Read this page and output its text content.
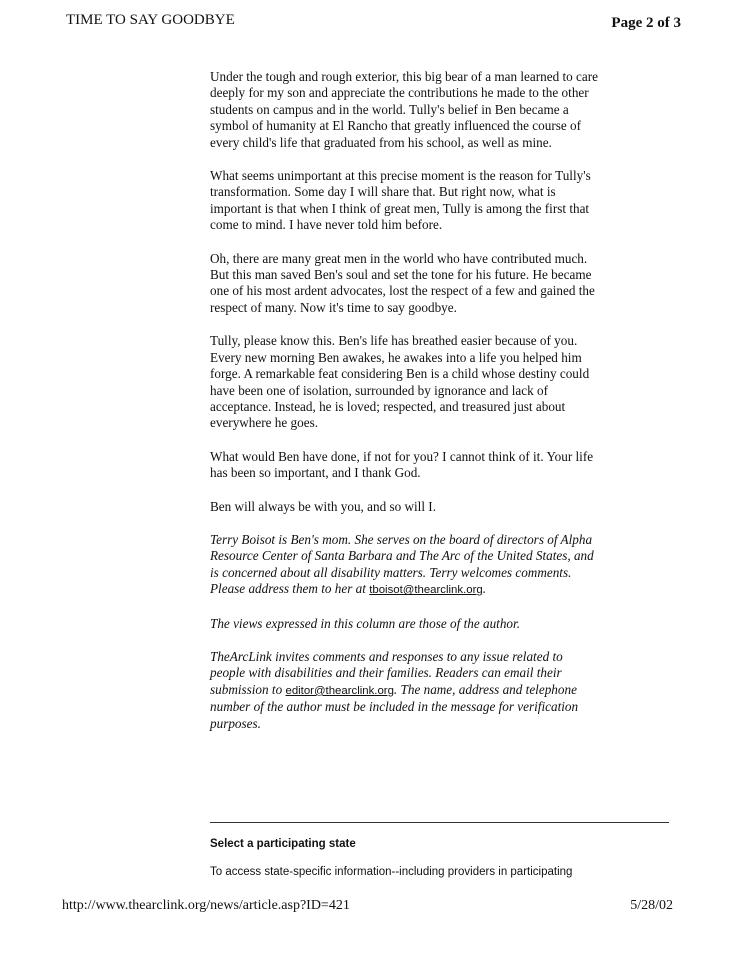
TIME TO SAY GOODBYE	Page 2 of 3

Under the tough and rough exterior, this big bear of a man learned to care deeply for my son and appreciate the contributions he made to the other students on campus and in the world. Tully's belief in Ben became a symbol of humanity at El Rancho that greatly influenced the course of every child's life that graduated from his school, as well as mine.

What seems unimportant at this precise moment is the reason for Tully's transformation. Some day I will share that. But right now, what is important is that when I think of great men, Tully is among the first that come to mind. I have never told him before.

Oh, there are many great men in the world who have contributed much. But this man saved Ben's soul and set the tone for his future. He became one of his most ardent advocates, lost the respect of a few and gained the respect of many. Now it's time to say goodbye.

Tully, please know this. Ben's life has breathed easier because of you. Every new morning Ben awakes, he awakes into a life you helped him forge. A remarkable feat considering Ben is a child whose destiny could have been one of isolation, surrounded by ignorance and lack of acceptance. Instead, he is loved; respected, and treasured just about everywhere he goes.

What would Ben have done, if not for you? I cannot think of it. Your life has been so important, and I thank God.

Ben will always be with you, and so will I.

Terry Boisot is Ben's mom. She serves on the board of directors of Alpha Resource Center of Santa Barbara and The Arc of the United States, and is concerned about all disability matters. Terry welcomes comments. Please address them to her at tboisot@thearclink.org.

The views expressed in this column are those of the author.

TheArcLink invites comments and responses to any issue related to people with disabilities and their families. Readers can email their submission to editor@thearclink.org. The name, address and telephone number of the author must be included in the message for verification purposes.

Select a participating state
To access state-specific information--including providers in participating
http://www.thearclink.org/news/article.asp?ID=421	5/28/02
